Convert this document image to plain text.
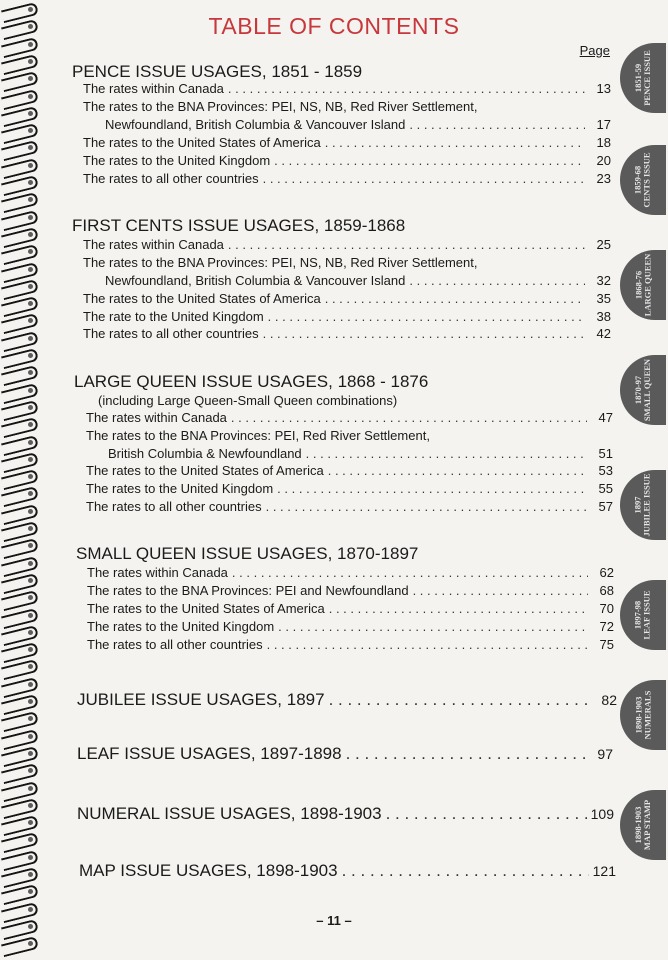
TABLE OF CONTENTS
Page
PENCE ISSUE USAGES, 1851 - 1859
The rates within Canada . . .	13
The rates to the BNA Provinces: PEI, NS, NB, Red River Settlement,
Newfoundland, British Columbia & Vancouver Island . . .	17
The rates to the United States of America . . .	18
The rates to the United Kingdom . . .	20
The rates to all other countries . . .	23
FIRST CENTS ISSUE USAGES, 1859-1868
The rates within Canada . . .	25
The rates to the BNA Provinces: PEI, NS, NB, Red River Settlement,
Newfoundland, British Columbia & Vancouver Island . . .	32
The rates to the United States of America . . .	35
The rate to the United Kingdom . . .	38
The rates to all other countries . . .	42
LARGE QUEEN ISSUE USAGES, 1868 - 1876
(including Large Queen-Small Queen combinations)
The rates within Canada . . .	47
The rates to the BNA Provinces: PEI, Red River Settlement,
British Columbia & Newfoundland . . .	51
The rates to the United States of America . . .	53
The rates to the United Kingdom . . .	55
The rates to all other countries . . .	57
SMALL QUEEN ISSUE USAGES, 1870-1897
The rates within Canada . . .	62
The rates to the BNA Provinces: PEI and Newfoundland . . .	68
The rates to the United States of America . . .	70
The rates to the United Kingdom . . .	72
The rates to all other countries . . .	75
JUBILEE ISSUE USAGES, 1897 . . .	82
LEAF ISSUE USAGES, 1897-1898 . . .	97
NUMERAL ISSUE USAGES, 1898-1903 . . .	109
MAP ISSUE USAGES, 1898-1903 . . .	121
1851-59 PENCE ISSUE
1859-68 CENTS ISSUE
1868-76 LARGE QUEEN
1870-97 SMALL QUEEN
1897 JUBILEE ISSUE
1897-98 LEAF ISSUE
1898-1903 NUMERALS
1898-1903 MAP STAMP
– 11 –
